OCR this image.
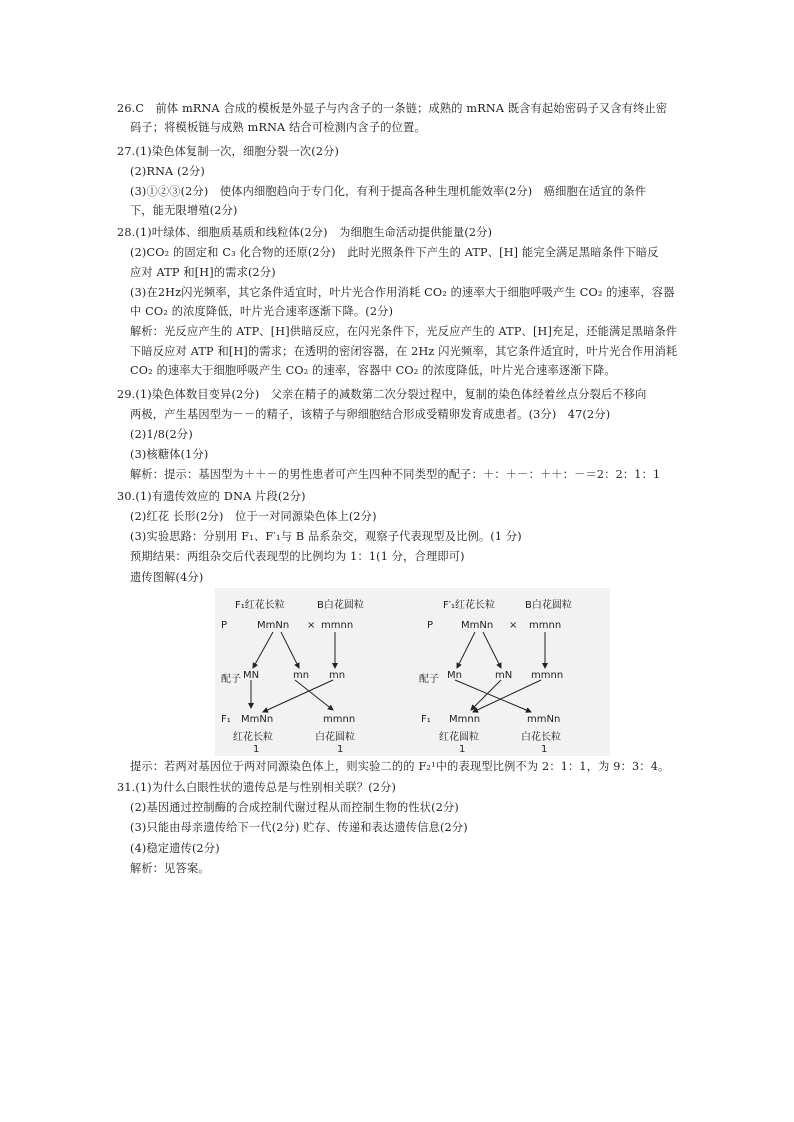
26.C　前体 mRNA 合成的模板是外显子与内含子的一条链；成熟的 mRNA 既含有起始密码子又含有终止密
码子；将模板链与成熟 mRNA 结合可检测内含子的位置。
27.(1)染色体复制一次，细胞分裂一次(2分)
(2)RNA (2分)
(3)①②③(2分)　使体内细胞趋向于专门化，有利于提高各种生理机能效率(2分)　癌细胞在适宜的条件
下，能无限增殖(2分)
28.(1)叶绿体、细胞质基质和线粒体(2分)　为细胞生命活动提供能量(2分)
(2)CO₂ 的固定和 C₃ 化合物的还原(2分)　此时光照条件下产生的 ATP、[H] 能完全满足黑暗条件下暗反
应对 ATP 和[H]的需求(2分)
(3)在2Hz闪光频率，其它条件适宜时，叶片光合作用消耗 CO₂ 的速率大于细胞呼吸产生 CO₂ 的速率，容器
中 CO₂ 的浓度降低，叶片光合速率逐渐下降。(2分)
解析：光反应产生的 ATP、[H]供暗反应，在闪光条件下，光反应产生的 ATP、[H]充足，还能满足黑暗条件
下暗反应对 ATP 和[H]的需求；在透明的密闭容器，在 2Hz 闪光频率，其它条件适宜时，叶片光合作用消耗
CO₂ 的速率大于细胞呼吸产生 CO₂ 的速率，容器中 CO₂ 的浓度降低，叶片光合速率逐渐下降。
29.(1)染色体数目变异(2分)　父亲在精子的减数第二次分裂过程中，复制的染色体经着丝点分裂后不移向
两极，产生基因型为－－的精子，该精子与卵细胞结合形成受精卵发育成患者。(3分)　47(2分)
(2)1/8(2分)
(3)核糖体(1分)
解析：提示：基因型为＋＋－的男性患者可产生四种不同类型的配子：＋：＋－：＋＋：－＝2：2：1：1
30.(1)有遗传效应的 DNA 片段(2分)
(2)红花 长形(2分)　位于一对同源染色体上(2分)
(3)实验思路：分别用 F₁、F′₁与 B 品系杂交，观察子代表现型及比例。(1 分)
预期结果：两组杂交后代表现型的比例均为 1：1(1 分，合理即可)
遗传图解(4分)
F₁红花长粒	B白花圆粒
P	MmNn × mmnn
配子 MN	mn mn
F₁ MmNn	mmnn
红花长粒	白花圆粒
1	1
F′₁红花长粒	B白花圆粒
P	MmNn × mmnn
配子 Mn	mN mmnn
F₁ Mmnn	mmNn
红花圆粒	白花长粒
1	1
提示：若两对基因位于两对同源染色体上，则实验二的的 F₂¹中的表现型比例不为 2：1：1，为 9：3：4。
31.(1)为什么白眼性状的遗传总是与性别相关联？(2分)
(2)基因通过控制酶的合成控制代谢过程从而控制生物的性状(2分)
(3)只能由母亲遗传给下一代(2分) 贮存、传递和表达遗传信息(2分)
(4)稳定遗传(2分)
解析：见答案。
